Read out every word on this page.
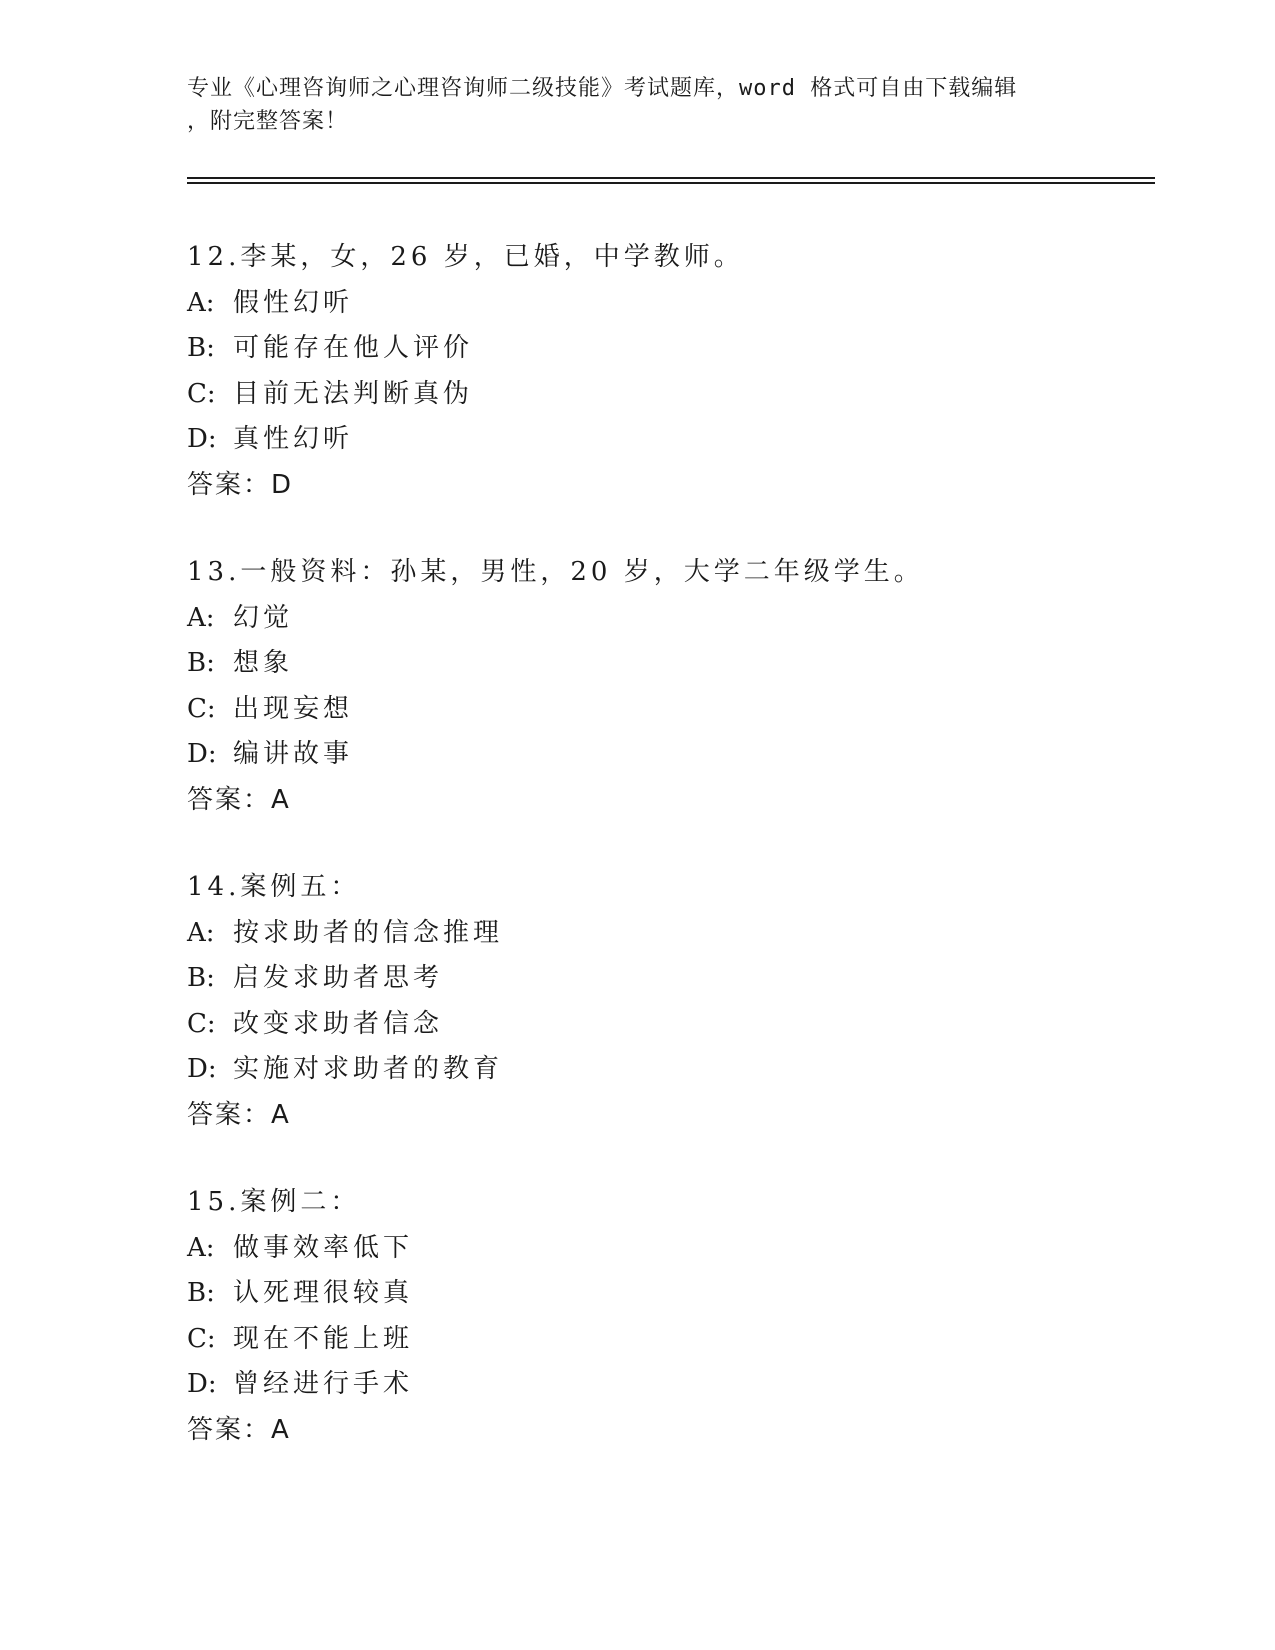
专业《心理咨询师之心理咨询师二级技能》考试题库，word 格式可自由下载编辑
，附完整答案！
12.李某，女，26 岁，已婚，中学教师。
A: 假性幻听
B: 可能存在他人评价
C: 目前无法判断真伪
D: 真性幻听
答案：D
13.一般资料：孙某，男性，20 岁，大学二年级学生。
A: 幻觉
B: 想象
C: 出现妄想
D: 编讲故事
答案：A
14.案例五：
A: 按求助者的信念推理
B: 启发求助者思考
C: 改变求助者信念
D: 实施对求助者的教育
答案：A
15.案例二：
A: 做事效率低下
B: 认死理很较真
C: 现在不能上班
D: 曾经进行手术
答案：A
